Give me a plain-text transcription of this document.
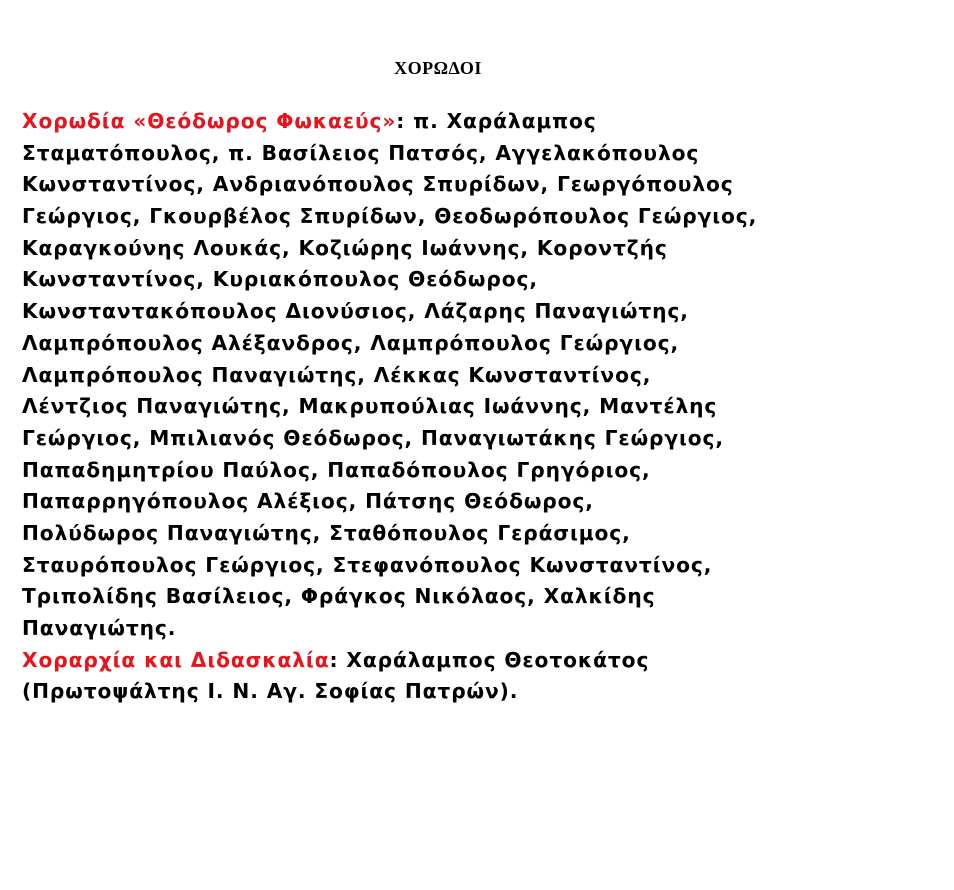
ΧΟΡΩΔΟΙ
Χορωδία «Θεόδωρος Φωκαεύς»: π. Χαράλαμπος
Σταματόπουλος, π. Βασίλειος Πατσός, Αγγελακόπουλος
Κωνσταντίνος, Ανδριανόπουλος Σπυρίδων, Γεωργόπουλος
Γεώργιος, Γκουρβέλος Σπυρίδων, Θεοδωρόπουλος Γεώργιος,
Καραγκούνης Λουκάς, Κοζιώρης Ιωάννης, Κοροντζής
Κωνσταντίνος, Κυριακόπουλος Θεόδωρος,
Κωνσταντακόπουλος Διονύσιος, Λάζαρης Παναγιώτης,
Λαμπρόπουλος Αλέξανδρος, Λαμπρόπουλος Γεώργιος,
Λαμπρόπουλος Παναγιώτης, Λέκκας Κωνσταντίνος,
Λέντζιος Παναγιώτης, Μακρυπούλιας Ιωάννης, Μαντέλης
Γεώργιος, Μπιλιανός Θεόδωρος, Παναγιωτάκης Γεώργιος,
Παπαδημητρίου Παύλος, Παπαδόπουλος Γρηγόριος,
Παπαρρηγόπουλος Αλέξιος, Πάτσης Θεόδωρος,
Πολύδωρος Παναγιώτης, Σταθόπουλος Γεράσιμος,
Σταυρόπουλος Γεώργιος, Στεφανόπουλος Κωνσταντίνος,
Τριπολίδης Βασίλειος, Φράγκος Νικόλαος, Χαλκίδης
Παναγιώτης.
Χοραρχία και Διδασκαλία: Χαράλαμπος Θεοτοκάτος
(Πρωτοψάλτης Ι. Ν. Αγ. Σοφίας Πατρών).
